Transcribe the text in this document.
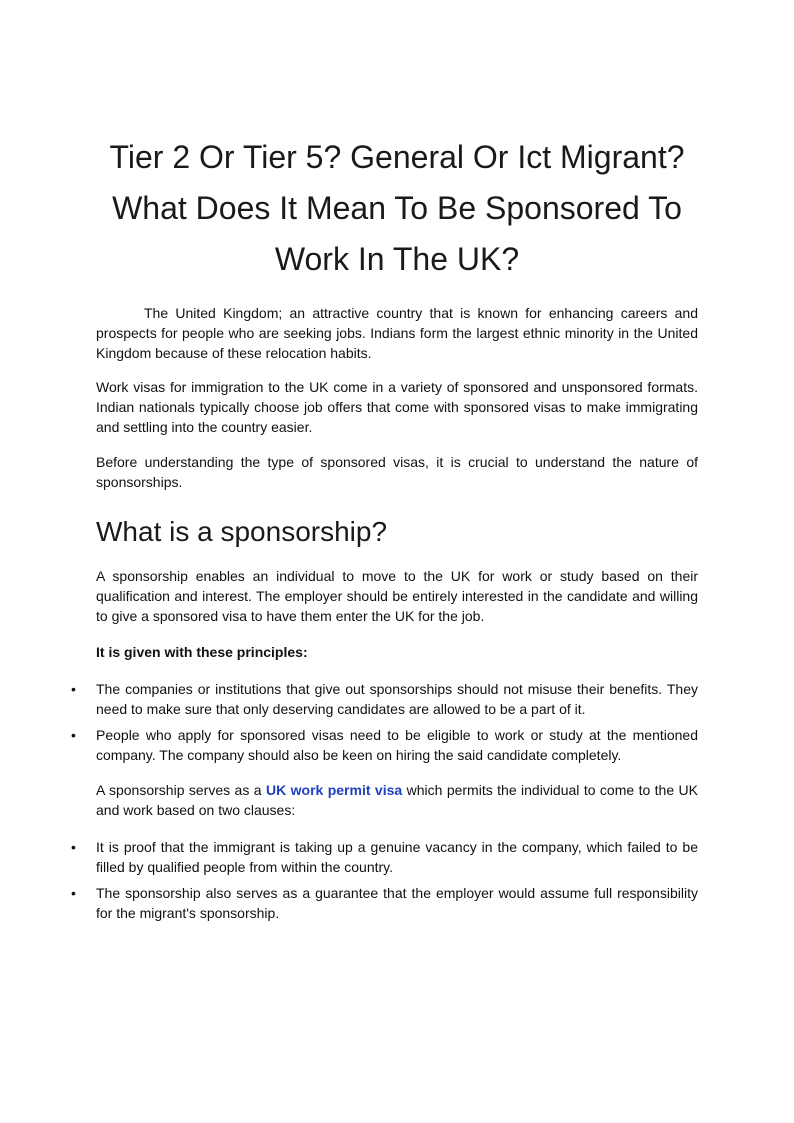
Tier 2 Or Tier 5? General Or Ict Migrant? What Does It Mean To Be Sponsored To Work In The UK?

The United Kingdom; an attractive country that is known for enhancing careers and prospects for people who are seeking jobs. Indians form the largest ethnic minority in the United Kingdom because of these relocation habits.

Work visas for immigration to the UK come in a variety of sponsored and unsponsored formats. Indian nationals typically choose job offers that come with sponsored visas to make immigrating and settling into the country easier.

Before understanding the type of sponsored visas, it is crucial to understand the nature of sponsorships.

What is a sponsorship?

A sponsorship enables an individual to move to the UK for work or study based on their qualification and interest. The employer should be entirely interested in the candidate and willing to give a sponsored visa to have them enter the UK for the job.

It is given with these principles:

• The companies or institutions that give out sponsorships should not misuse their benefits. They need to make sure that only deserving candidates are allowed to be a part of it.
• People who apply for sponsored visas need to be eligible to work or study at the mentioned company. The company should also be keen on hiring the said candidate completely.

A sponsorship serves as a UK work permit visa which permits the individual to come to the UK and work based on two clauses:

• It is proof that the immigrant is taking up a genuine vacancy in the company, which failed to be filled by qualified people from within the country.
• The sponsorship also serves as a guarantee that the employer would assume full responsibility for the migrant's sponsorship.
